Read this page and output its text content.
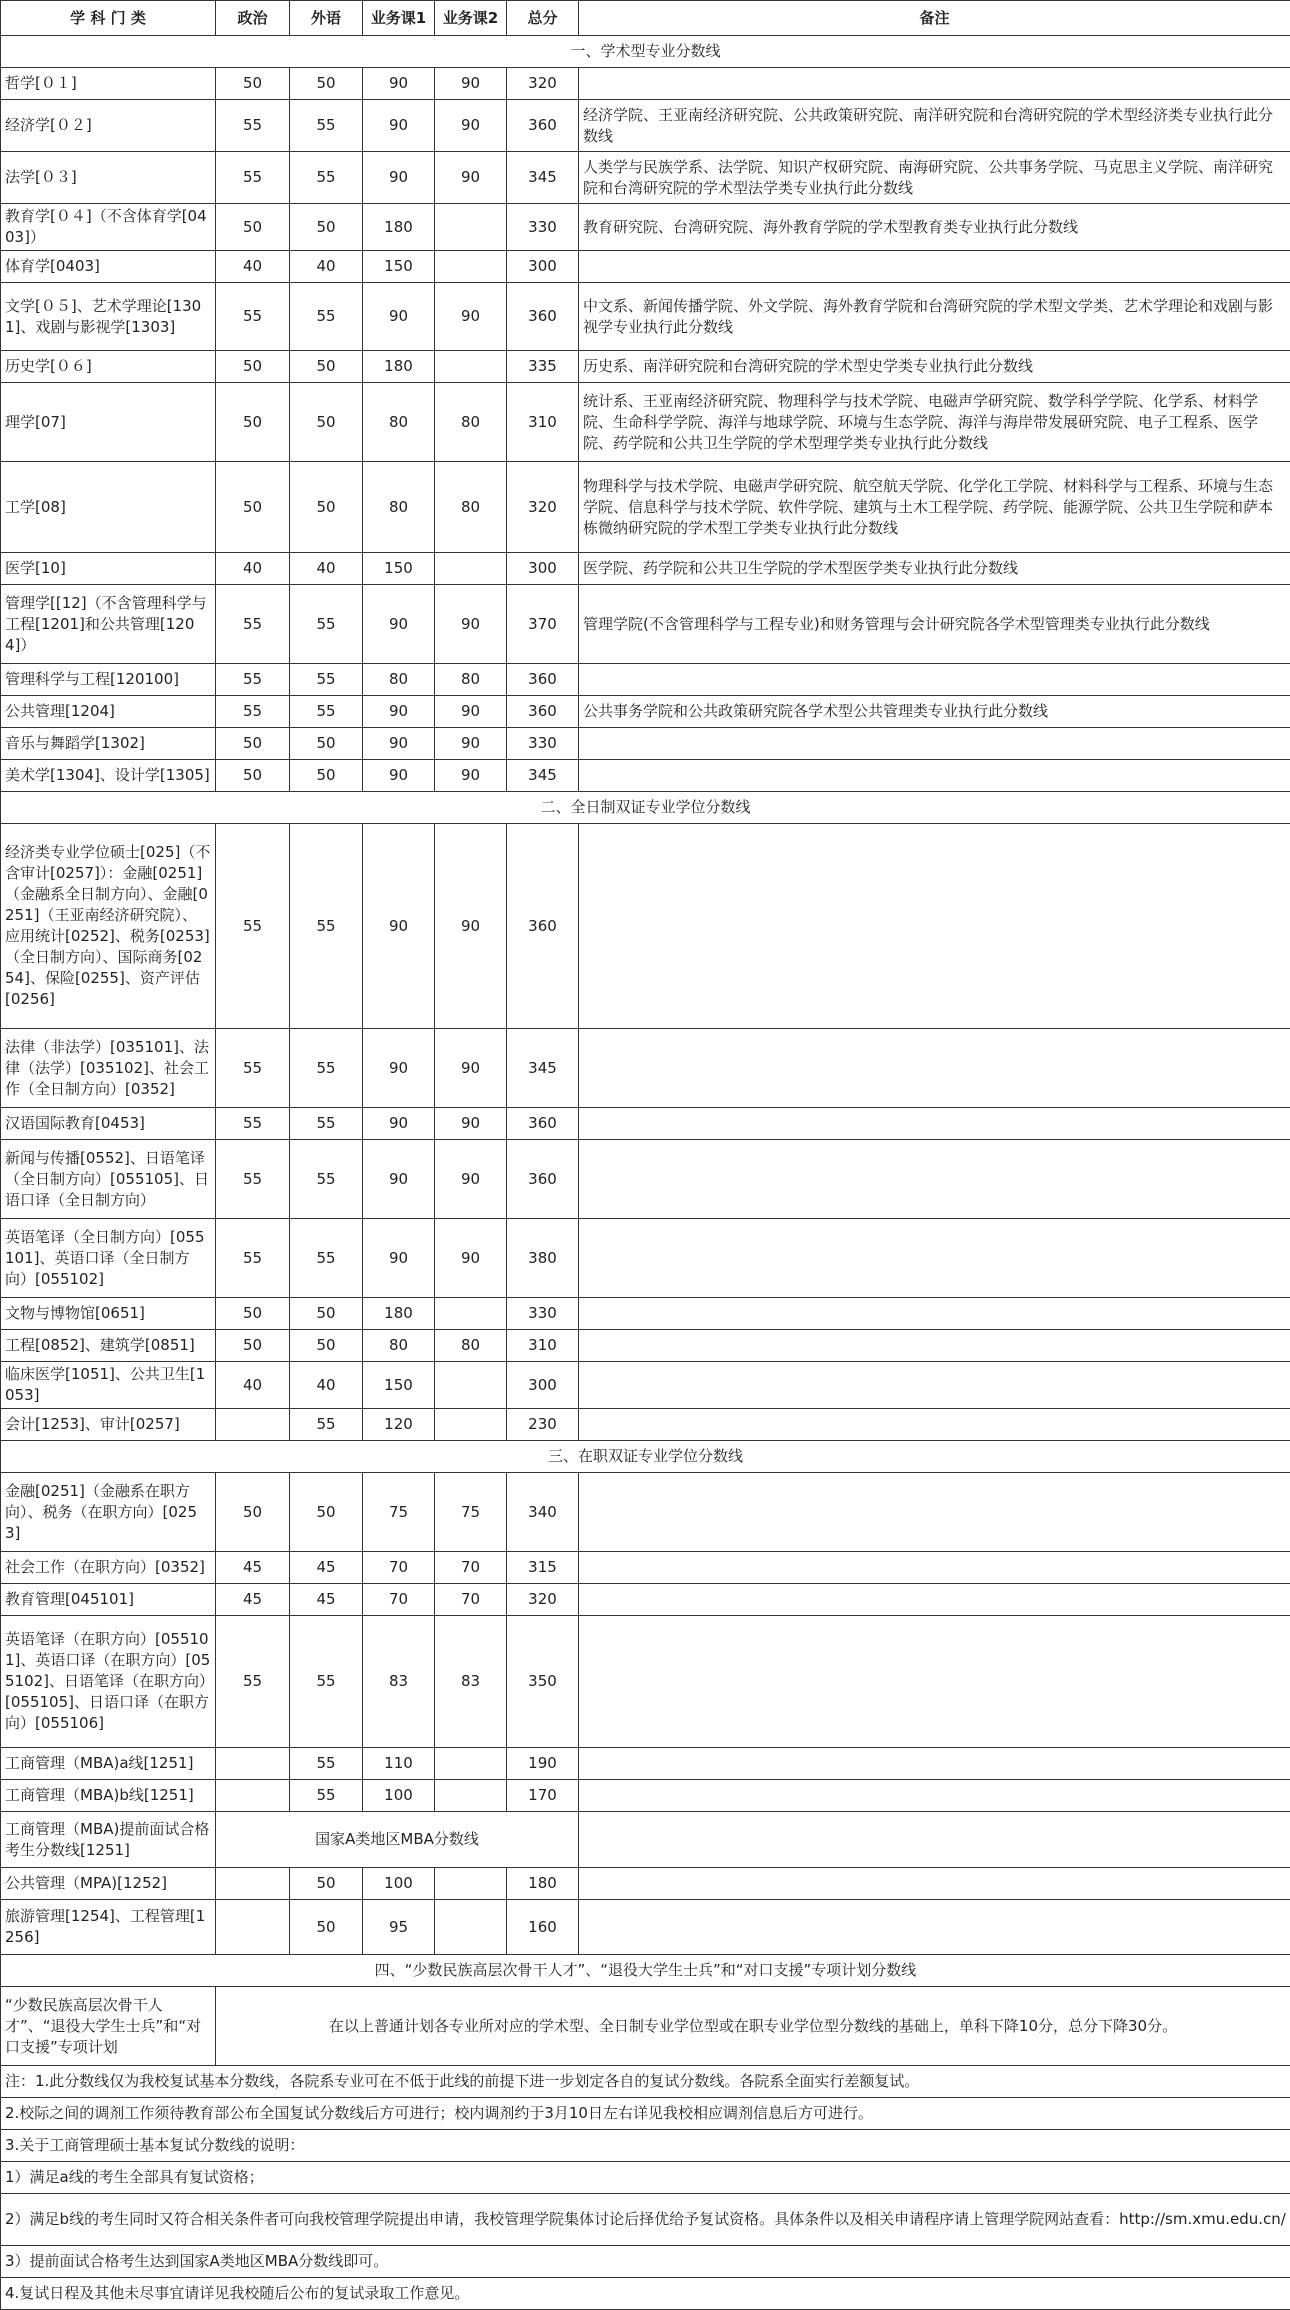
学 科 门 类	政治	外语	业务课1	业务课2	总分	备注
一、学术型专业分数线						
哲学[０１]	50	50	90	90	320	
经济学[０２]	55	55	90	90	360	经济学院、王亚南经济研究院、公共政策研究院、南洋研究院和台湾研究院的学术型经济类专业执行此分数线
法学[０３]	55	55	90	90	345	人类学与民族学系、法学院、知识产权研究院、南海研究院、公共事务学院、马克思主义学院、南洋研究院和台湾研究院的学术型法学类专业执行此分数线
教育学[０４]（不含体育学[0403]）	50	50	180		330	教育研究院、台湾研究院、海外教育学院的学术型教育类专业执行此分数线
体育学[0403]	40	40	150		300	
文学[０５]、艺术学理论[1301]、戏剧与影视学[1303]	55	55	90	90	360	中文系、新闻传播学院、外文学院、海外教育学院和台湾研究院的学术型文学类、艺术学理论和戏剧与影视学专业执行此分数线
历史学[０６]	50	50	180		335	历史系、南洋研究院和台湾研究院的学术型史学类专业执行此分数线
理学[07]	50	50	80	80	310	统计系、王亚南经济研究院、物理科学与技术学院、电磁声学研究院、数学科学学院、化学系、材料学院、生命科学学院、海洋与地球学院、环境与生态学院、海洋与海岸带发展研究院、电子工程系、医学院、药学院和公共卫生学院的学术型理学类专业执行此分数线
工学[08]	50	50	80	80	320	物理科学与技术学院、电磁声学研究院、航空航天学院、化学化工学院、材料科学与工程系、环境与生态学院、信息科学与技术学院、软件学院、建筑与土木工程学院、药学院、能源学院、公共卫生学院和萨本栋微纳研究院的学术型工学类专业执行此分数线
医学[10]	40	40	150		300	医学院、药学院和公共卫生学院的学术型医学类专业执行此分数线
管理学[[12]（不含管理科学与工程[1201]和公共管理[1204]）	55	55	90	90	370	管理学院(不含管理科学与工程专业)和财务管理与会计研究院各学术型管理类专业执行此分数线
管理科学与工程[120100]	55	55	80	80	360	
公共管理[1204]	55	55	90	90	360	公共事务学院和公共政策研究院各学术型公共管理类专业执行此分数线
音乐与舞蹈学[1302]	50	50	90	90	330	
美术学[1304]、设计学[1305]	50	50	90	90	345	
二、全日制双证专业学位分数线						
经济类专业学位硕士[025]（不含审计[0257]）：金融[0251]（金融系全日制方向）、金融[0251]（王亚南经济研究院）、应用统计[0252]、税务[0253]（全日制方向）、国际商务[0254]、保险[0255]、资产评估[0256]	55	55	90	90	360	
法律（非法学）[035101]、法律（法学）[035102]、社会工作（全日制方向）[0352]	55	55	90	90	345	
汉语国际教育[0453]	55	55	90	90	360	
新闻与传播[0552]、日语笔译（全日制方向）[055105]、日语口译（全日制方向）	55	55	90	90	360	
英语笔译（全日制方向）[055101]、英语口译（全日制方向）[055102]	55	55	90	90	380	
文物与博物馆[0651]	50	50	180		330	
工程[0852]、建筑学[0851]	50	50	80	80	310	
临床医学[1051]、公共卫生[1053]	40	40	150		300	
会计[1253]、审计[0257]		55	120		230	
三、在职双证专业学位分数线						
金融[0251]（金融系在职方向）、税务（在职方向）[0253]	50	50	75	75	340	
社会工作（在职方向）[0352]	45	45	70	70	315	
教育管理[045101]	45	45	70	70	320	
英语笔译（在职方向）[055101]、英语口译（在职方向）[055102]、日语笔译（在职方向）[055105]、日语口译（在职方向）[055106]	55	55	83	83	350	
工商管理（MBA)a线[1251]		55	110		190	
工商管理（MBA)b线[1251]		55	100		170	
工商管理（MBA)提前面试合格考生分数线[1251]	国家A类地区MBA分数线					
公共管理（MPA)[1252]		50	100		180	
旅游管理[1254]、工程管理[1256]		50	95		160	
四、“少数民族高层次骨干人才”、“退役大学生士兵”和“对口支援”专项计划分数线						
“少数民族高层次骨干人才”、“退役大学生士兵”和“对口支援”专项计划	在以上普通计划各专业所对应的学术型、全日制专业学位型或在职专业学位型分数线的基础上，单科下降10分，总分下降30分。					
注：1.此分数线仅为我校复试基本分数线，各院系专业可在不低于此线的前提下进一步划定各自的复试分数线。各院系全面实行差额复试。						
2.校际之间的调剂工作须待教育部公布全国复试分数线后方可进行；校内调剂约于3月10日左右详见我校相应调剂信息后方可进行。						
3.关于工商管理硕士基本复试分数线的说明：						
1）满足a线的考生全部具有复试资格；						
2）满足b线的考生同时又符合相关条件者可向我校管理学院提出申请，我校管理学院集体讨论后择优给予复试资格。具体条件以及相关申请程序请上管理学院网站查看：http://sm.xmu.edu.cn/						
3）提前面试合格考生达到国家A类地区MBA分数线即可。						
4.复试日程及其他未尽事宜请详见我校随后公布的复试录取工作意见。						
